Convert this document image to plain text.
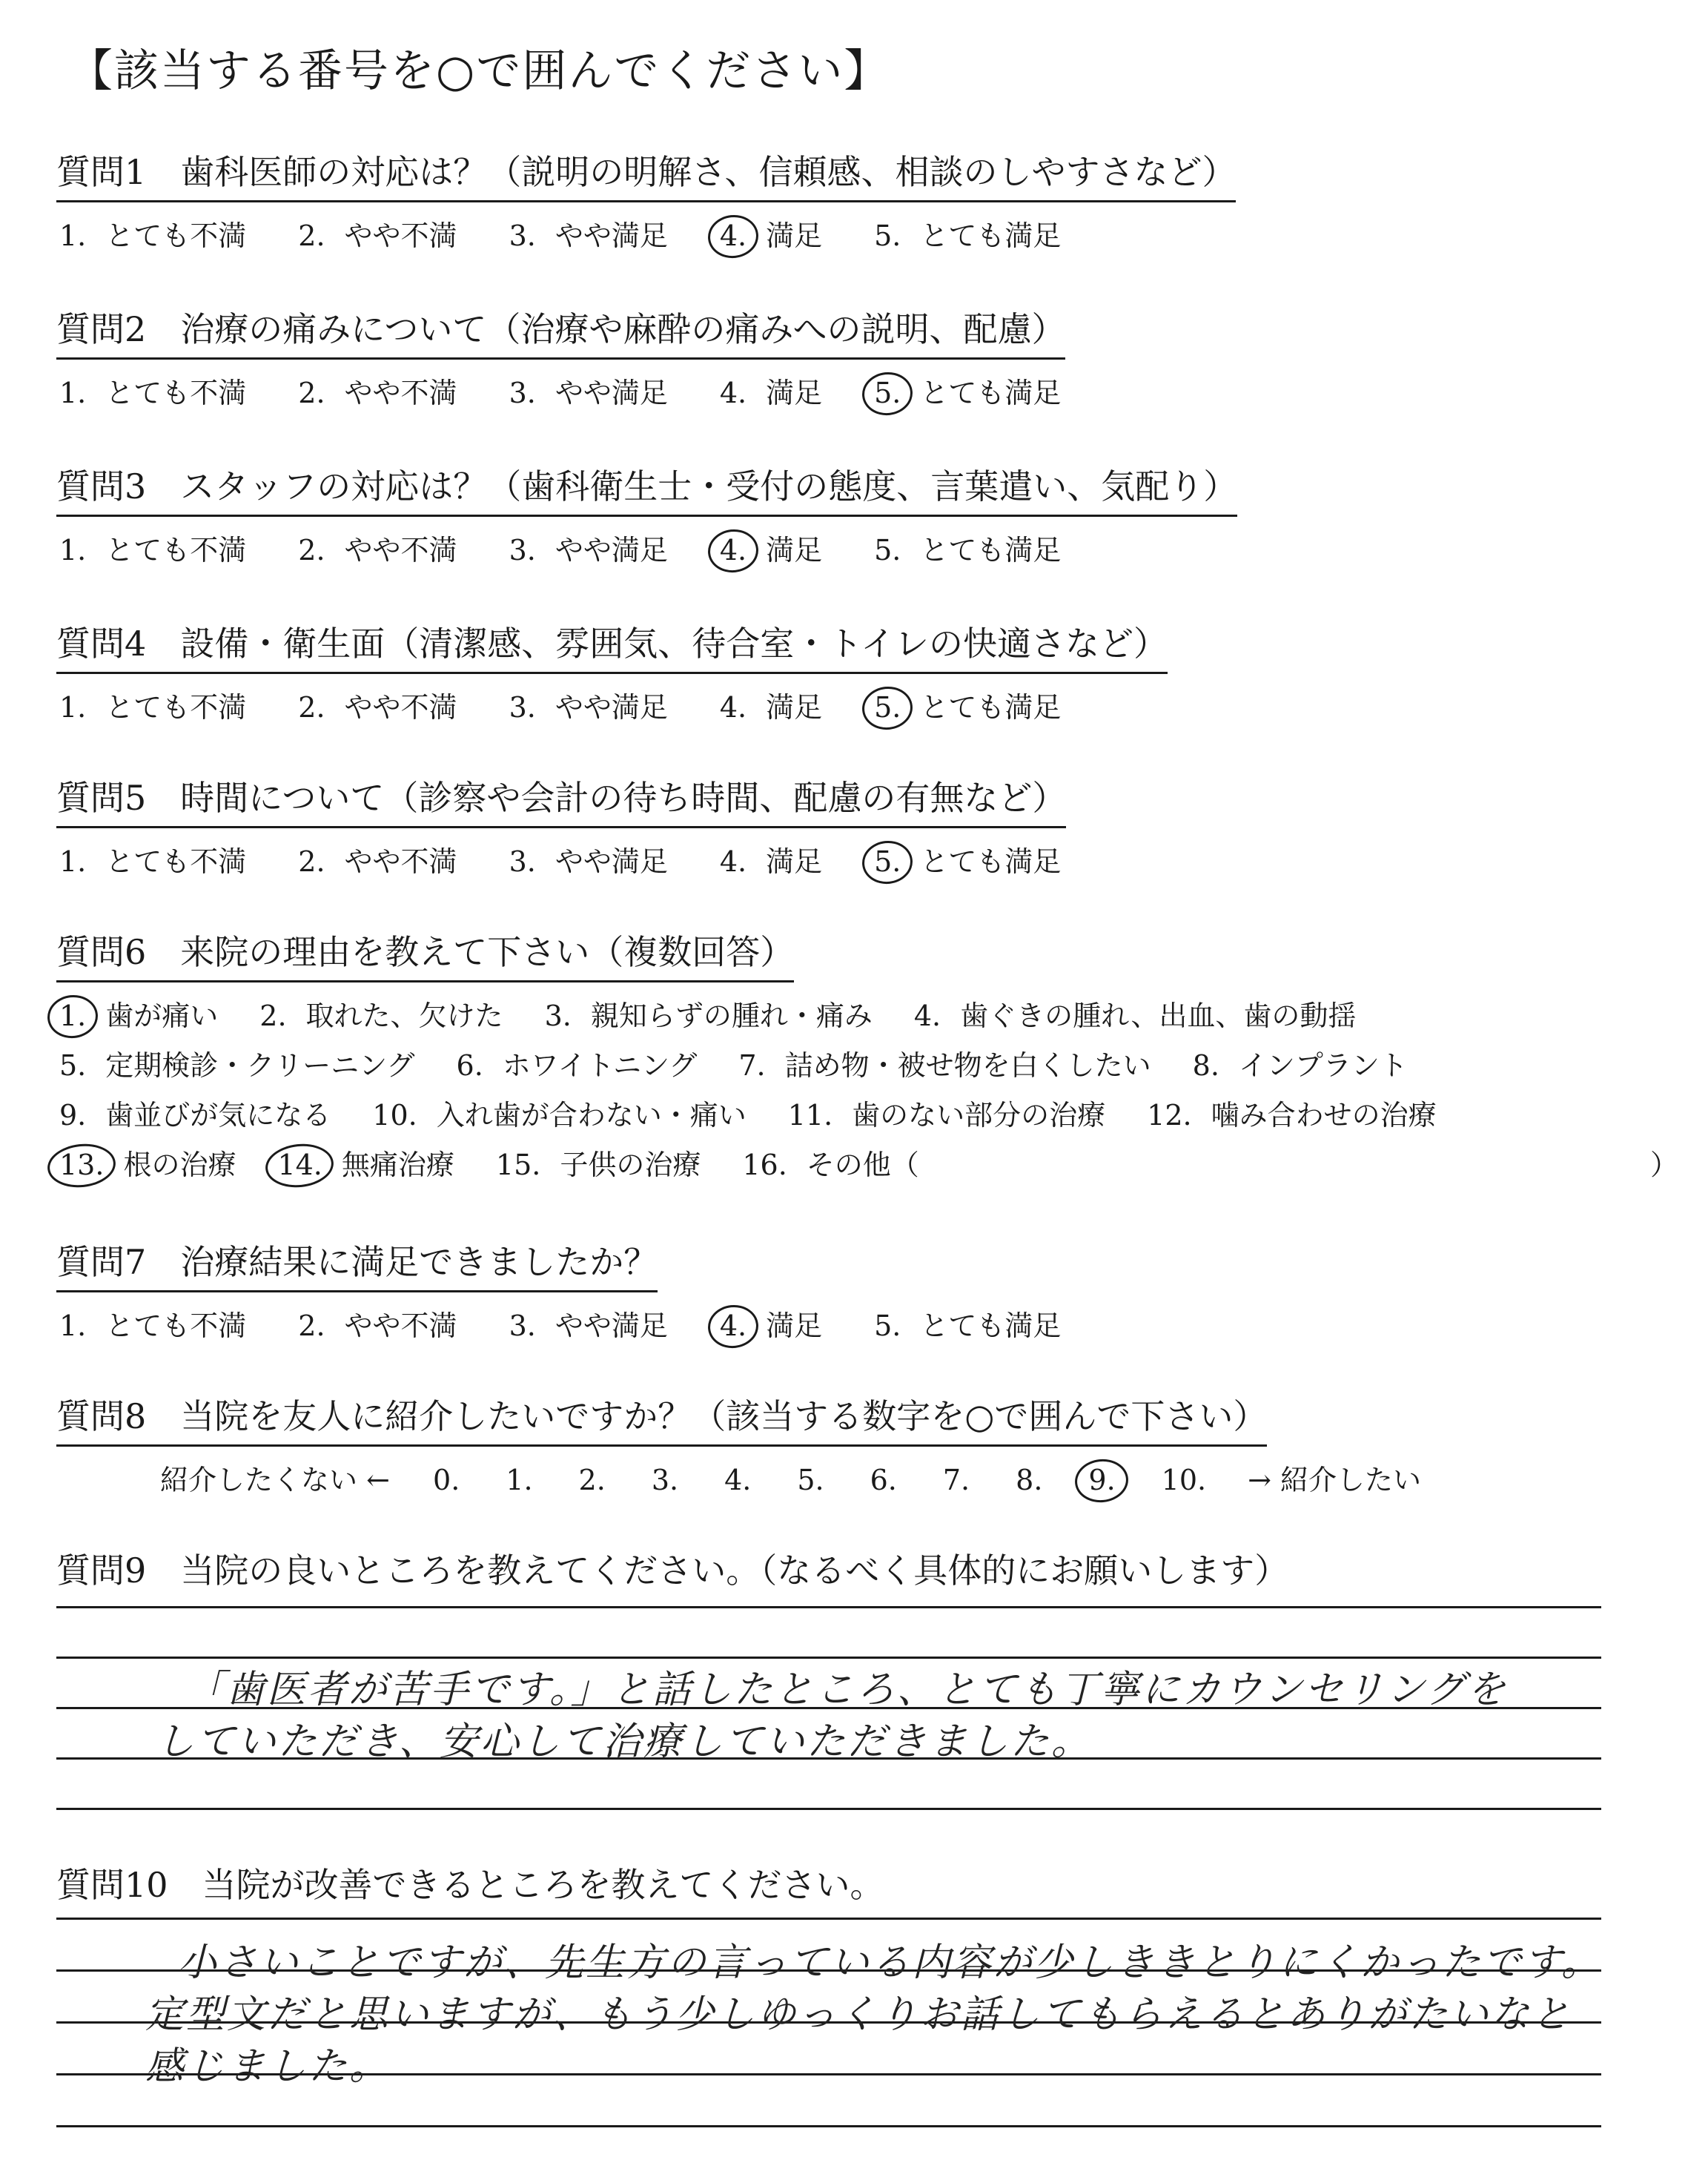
【該当する番号を○で囲んでください】
質問1 歯科医師の対応は？（説明の明解さ、信頼感、相談のしやすさなど）
1. とても不満 2. やや不満 3. やや満足 4. 満足 5. とても満足
質問2 治療の痛みについて（治療や麻酔の痛みへの説明、配慮）
1. とても不満 2. やや不満 3. やや満足 4. 満足 5. とても満足
質問3 スタッフの対応は？（歯科衛生士・受付の態度、言葉遣い、気配り）
1. とても不満 2. やや不満 3. やや満足 4. 満足 5. とても満足
質問4 設備・衛生面（清潔感、雰囲気、待合室・トイレの快適さなど）
1. とても不満 2. やや不満 3. やや満足 4. 満足 5. とても満足
質問5 時間について（診察や会計の待ち時間、配慮の有無など）
1. とても不満 2. やや不満 3. やや満足 4. 満足 5. とても満足
質問6 来院の理由を教えて下さい（複数回答）
1. 歯が痛い 2. 取れた、欠けた 3. 親知らずの腫れ・痛み 4. 歯ぐきの腫れ、出血、歯の動揺
5. 定期検診・クリーニング 6. ホワイトニング 7. 詰め物・被せ物を白くしたい 8. インプラント
9. 歯並びが気になる 10. 入れ歯が合わない・痛い 11. 歯のない部分の治療 12. 噛み合わせの治療
13. 根の治療 14. 無痛治療 15. 子供の治療 16. その他（	）
質問7 治療結果に満足できましたか？
1. とても不満 2. やや不満 3. やや満足 4. 満足 5. とても満足
質問8 当院を友人に紹介したいですか？（該当する数字を○で囲んで下さい）
紹介したくない ← 0. 1. 2. 3. 4. 5. 6. 7. 8. 9. 10. → 紹介したい
質問9 当院の良いところを教えてください。（なるべく具体的にお願いします）
「歯医者が苦手です。」と話したところ、とても丁寧にカウンセリングを
していただき、安心して治療していただきました。
質問10 当院が改善できるところを教えてください。
小さいことですが、先生方の言っている内容が少しききとりにくかったです。
定型文だと思いますが、もう少しゆっくりお話してもらえるとありがたいなと
感じました。
